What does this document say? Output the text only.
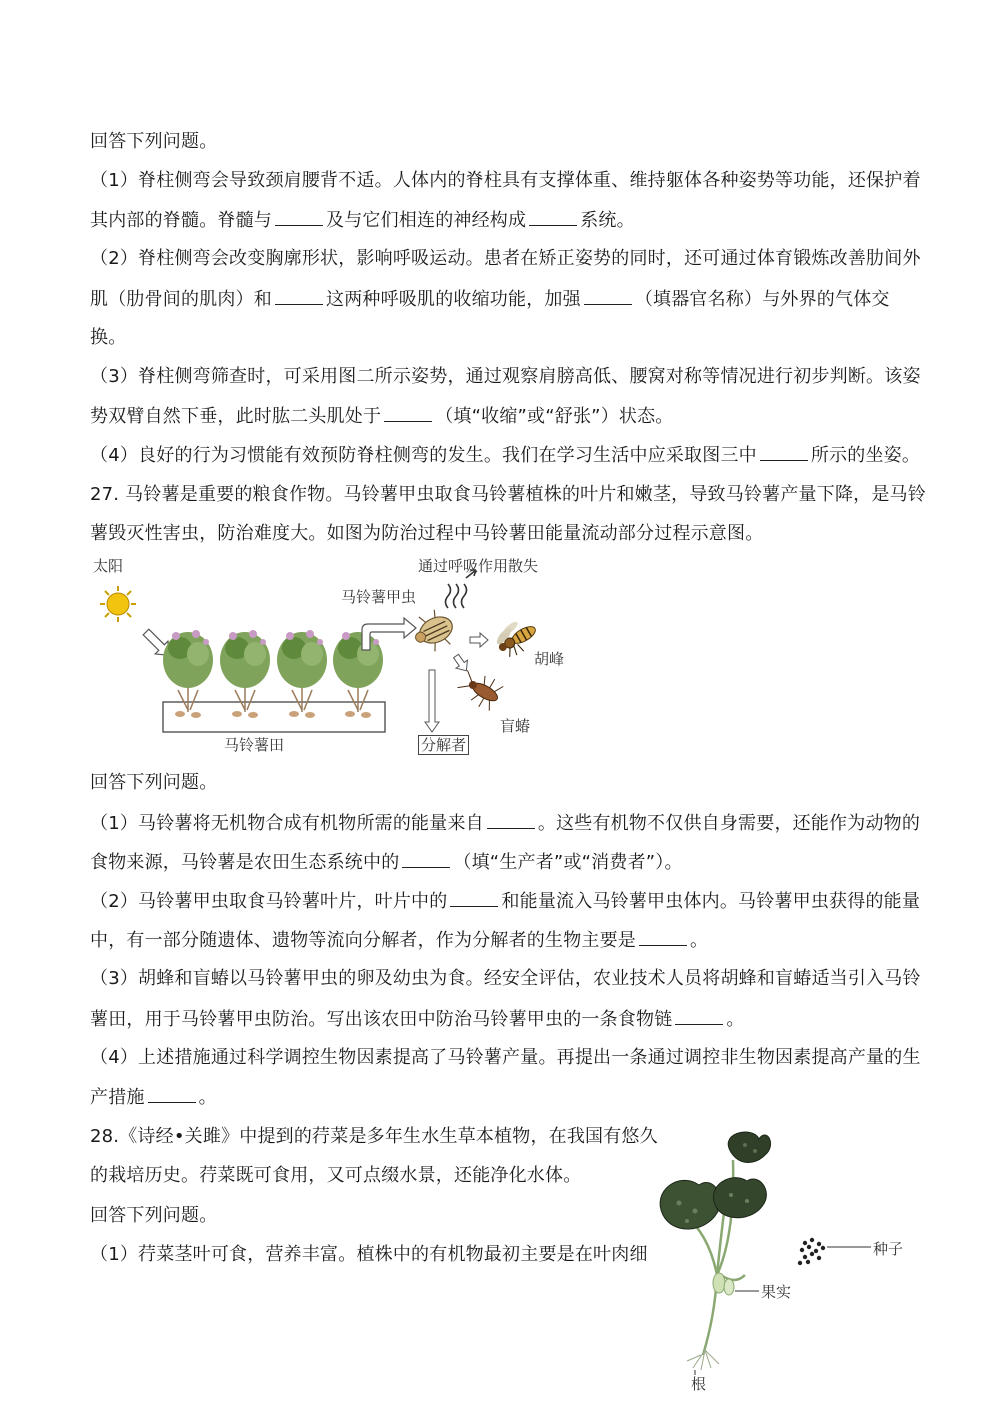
回答下列问题。
（1）脊柱侧弯会导致颈肩腰背不适。人体内的脊柱具有支撑体重、维持躯体各种姿势等功能，还保护着
其内部的脊髓。脊髓与	及与它们相连的神经构成	系统。
（2）脊柱侧弯会改变胸廓形状，影响呼吸运动。患者在矫正姿势的同时，还可通过体育锻炼改善肋间外
肌（肋骨间的肌肉）和	这两种呼吸肌的收缩功能，加强	（填器官名称）与外界的气体交
换。
（3）脊柱侧弯筛查时，可采用图二所示姿势，通过观察肩膀高低、腰窝对称等情况进行初步判断。该姿
势双臂自然下垂，此时肱二头肌处于	（填“收缩”或“舒张”）状态。
（4）良好的行为习惯能有效预防脊柱侧弯的发生。我们在学习生活中应采取图三中	所示的坐姿。
27. 马铃薯是重要的粮食作物。马铃薯甲虫取食马铃薯植株的叶片和嫩茎，导致马铃薯产量下降，是马铃
薯毁灭性害虫，防治难度大。如图为防治过程中马铃薯田能量流动部分过程示意图。
太阳	通过呼吸作用散失
马铃薯甲虫
胡峰
盲蝽
分解者
马铃薯田
回答下列问题。
（1）马铃薯将无机物合成有机物所需的能量来自	。这些有机物不仅供自身需要，还能作为动物的
食物来源，马铃薯是农田生态系统中的	（填“生产者”或“消费者”）。
（2）马铃薯甲虫取食马铃薯叶片，叶片中的	和能量流入马铃薯甲虫体内。马铃薯甲虫获得的能量
中，有一部分随遗体、遗物等流向分解者，作为分解者的生物主要是	。
（3）胡蜂和盲蝽以马铃薯甲虫的卵及幼虫为食。经安全评估，农业技术人员将胡蜂和盲蝽适当引入马铃
薯田，用于马铃薯甲虫防治。写出该农田中防治马铃薯甲虫的一条食物链	。
（4）上述措施通过科学调控生物因素提高了马铃薯产量。再提出一条通过调控非生物因素提高产量的生
产措施	。
28.《诗经•关雎》中提到的荇菜是多年生水生草本植物，在我国有悠久
的栽培历史。荇菜既可食用，又可点缀水景，还能净化水体。
回答下列问题。
（1）荇菜茎叶可食，营养丰富。植株中的有机物最初主要是在叶肉细	种子
果实
根
